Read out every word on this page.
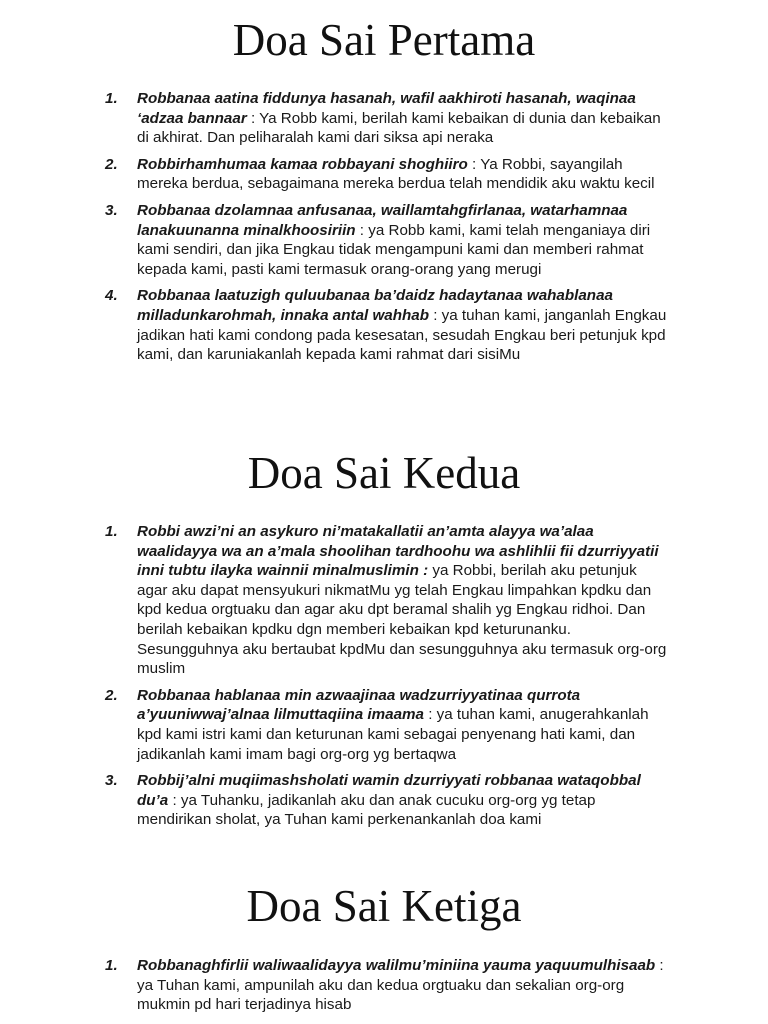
Doa Sai Pertama
1. Robbanaa aatina fiddunya hasanah, wafil aakhiroti hasanah, waqinaa ‘adzaa bannaar : Ya Robb kami, berilah kami kebaikan di dunia dan kebaikan di akhirat. Dan peliharalah kami dari siksa api neraka
2. Robbirhamhumaa kamaa robbayani shoghiiro : Ya Robbi, sayangilah mereka berdua, sebagaimana mereka berdua telah mendidik aku waktu kecil
3. Robbanaa dzolamnaa anfusanaa, waillamtahgfirlanaa, watarhamnaa lanakuunanna minalkhoosiriin : ya Robb kami, kami telah menganiaya diri kami sendiri, dan jika Engkau tidak mengampuni kami dan memberi rahmat kepada kami, pasti kami termasuk orang-orang yang merugi
4. Robbanaa laatuzigh quluubanaa ba’daidz hadaytanaa wahablanaa milladunkarohmah, innaka antal wahhab : ya tuhan kami, janganlah Engkau jadikan hati kami condong pada kesesatan, sesudah Engkau beri petunjuk kpd kami, dan karuniakanlah kepada kami rahmat dari sisiMu
Doa Sai Kedua
1. Robbi awzi’ni an asykuro ni’matakallatii an’amta alayya wa’alaa waalidayya wa an a’mala shoolihan tardhoohu wa ashlihlii fii dzurriyyatii inni tubtu ilayka wainnii minalmuslimin : ya Robbi, berilah aku petunjuk agar aku dapat mensyukuri nikmatMu yg telah Engkau limpahkan kpdku dan kpd kedua orgtuaku dan agar aku dpt beramal shalih yg Engkau ridhoi. Dan berilah kebaikan kpdku dgn memberi kebaikan kpd keturunanku. Sesungguhnya aku bertaubat kpdMu dan sesungguhnya aku termasuk org-org muslim
2. Robbanaa hablanaa min azwaajinaa wadzurriyyatinaa qurrota a’yuuniwwaj’alnaa lilmuttaqiina imaama : ya tuhan kami, anugerahkanlah kpd kami istri kami dan keturunan kami sebagai penyenang hati kami, dan jadikanlah kami imam bagi org-org yg bertaqwa
3. Robbij’alni muqiimashsholati wamin dzurriyyati robbanaa wataqobbal du’a : ya Tuhanku, jadikanlah aku dan anak cucuku org-org yg tetap mendirikan sholat, ya Tuhan kami perkenankanlah doa kami
Doa Sai Ketiga
1. Robbanaghfirlii waliwaalidayya walilmu’miniina yauma yaquumulhisaab : ya Tuhan kami, ampunilah aku dan kedua orgtuaku dan sekalian org-org mukmin pd hari terjadinya hisab
